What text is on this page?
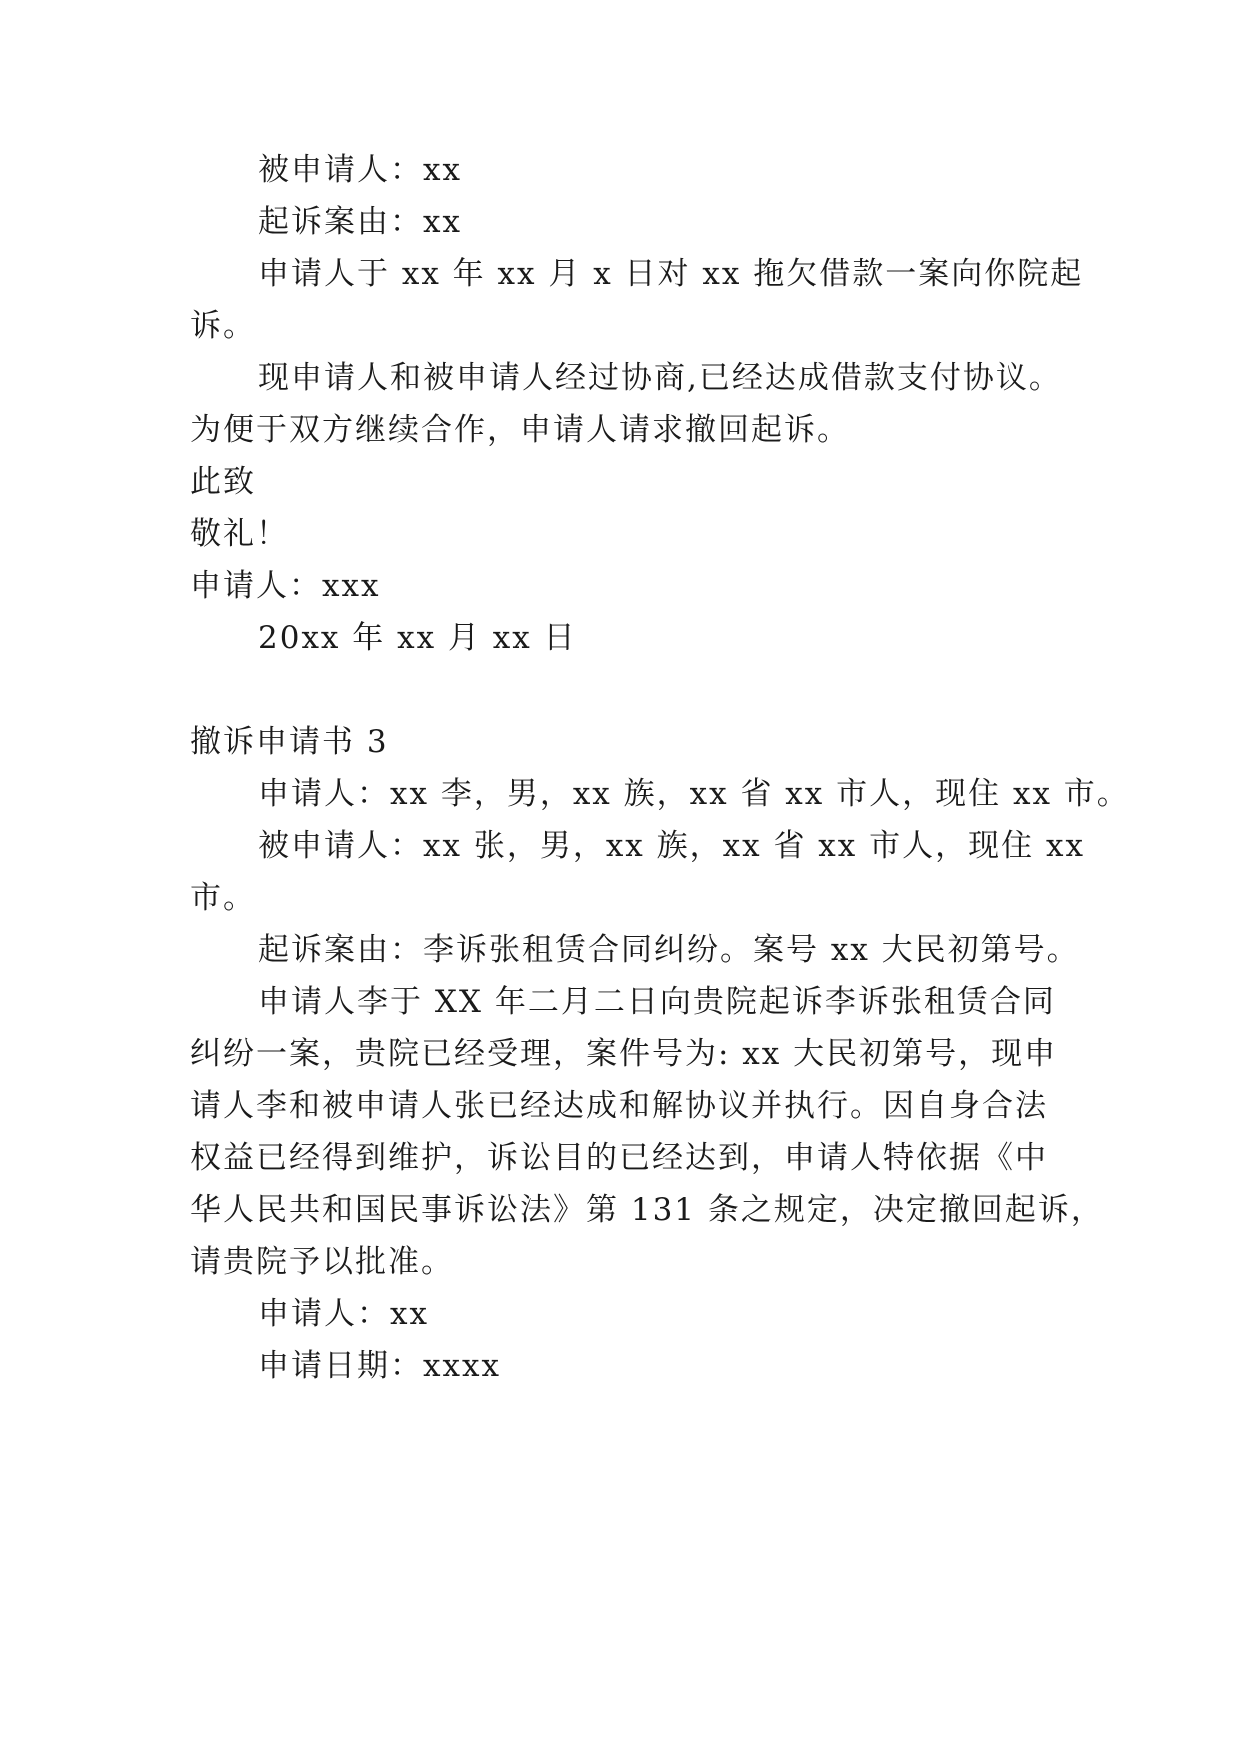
被申请人：xx
起诉案由：xx
申请人于 xx 年 xx 月 x 日对 xx 拖欠借款一案向你院起
诉。
现申请人和被申请人经过协商,已经达成借款支付协议。
为便于双方继续合作，申请人请求撤回起诉。
此致
敬礼！
申请人：xxx
20xx 年 xx 月 xx 日
撤诉申请书 3
申请人：xx 李，男，xx 族，xx 省 xx 市人，现住 xx 市。
被申请人：xx 张，男，xx 族，xx 省 xx 市人，现住 xx
市。
起诉案由：李诉张租赁合同纠纷。案号 xx 大民初第号。
申请人李于 XX 年二月二日向贵院起诉李诉张租赁合同
纠纷一案，贵院已经受理，案件号为: xx 大民初第号，现申
请人李和被申请人张已经达成和解协议并执行。因自身合法
权益已经得到维护，诉讼目的已经达到，申请人特依据《中
华人民共和国民事诉讼法》第 131 条之规定，决定撤回起诉，
请贵院予以批准。
申请人：xx
申请日期：xxxx
